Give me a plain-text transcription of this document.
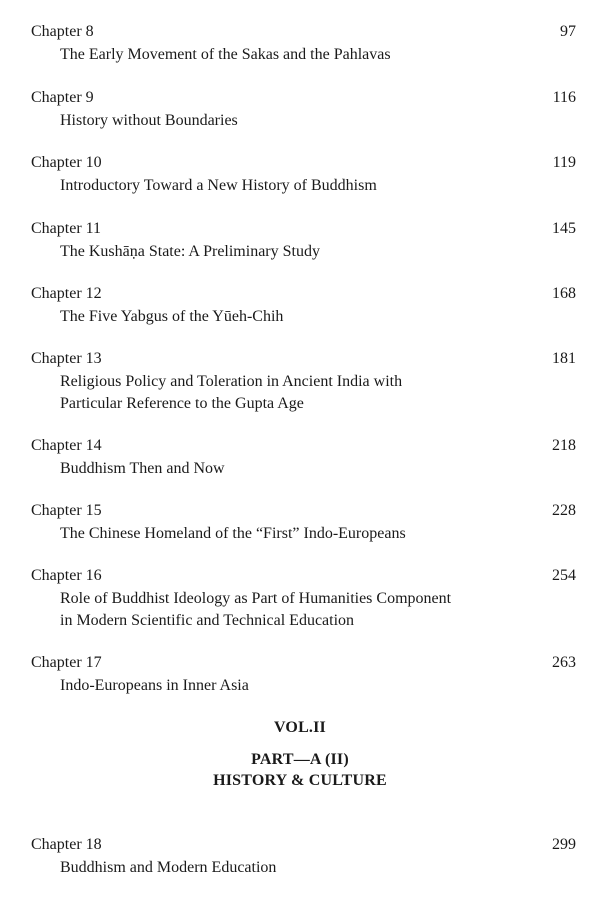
Chapter 8	97
The Early Movement of the Sakas and the Pahlavas
Chapter 9	116
History without Boundaries
Chapter 10	119
Introductory Toward a New History of Buddhism
Chapter 11	145
The Kushāṇa State: A Preliminary Study
Chapter 12	168
The Five Yabgus of the Yūeh-Chih
Chapter 13	181
Religious Policy and Toleration in Ancient India with
Particular Reference to the Gupta Age
Chapter 14	218
Buddhism Then and Now
Chapter 15	228
The Chinese Homeland of the “First” Indo-Europeans
Chapter 16	254
Role of Buddhist Ideology as Part of Humanities Component
in Modern Scientific and Technical Education
Chapter 17	263
Indo-Europeans in Inner Asia
VOL.II
PART—A (II)
HISTORY & CULTURE
Chapter 18	299
Buddhism and Modern Education
